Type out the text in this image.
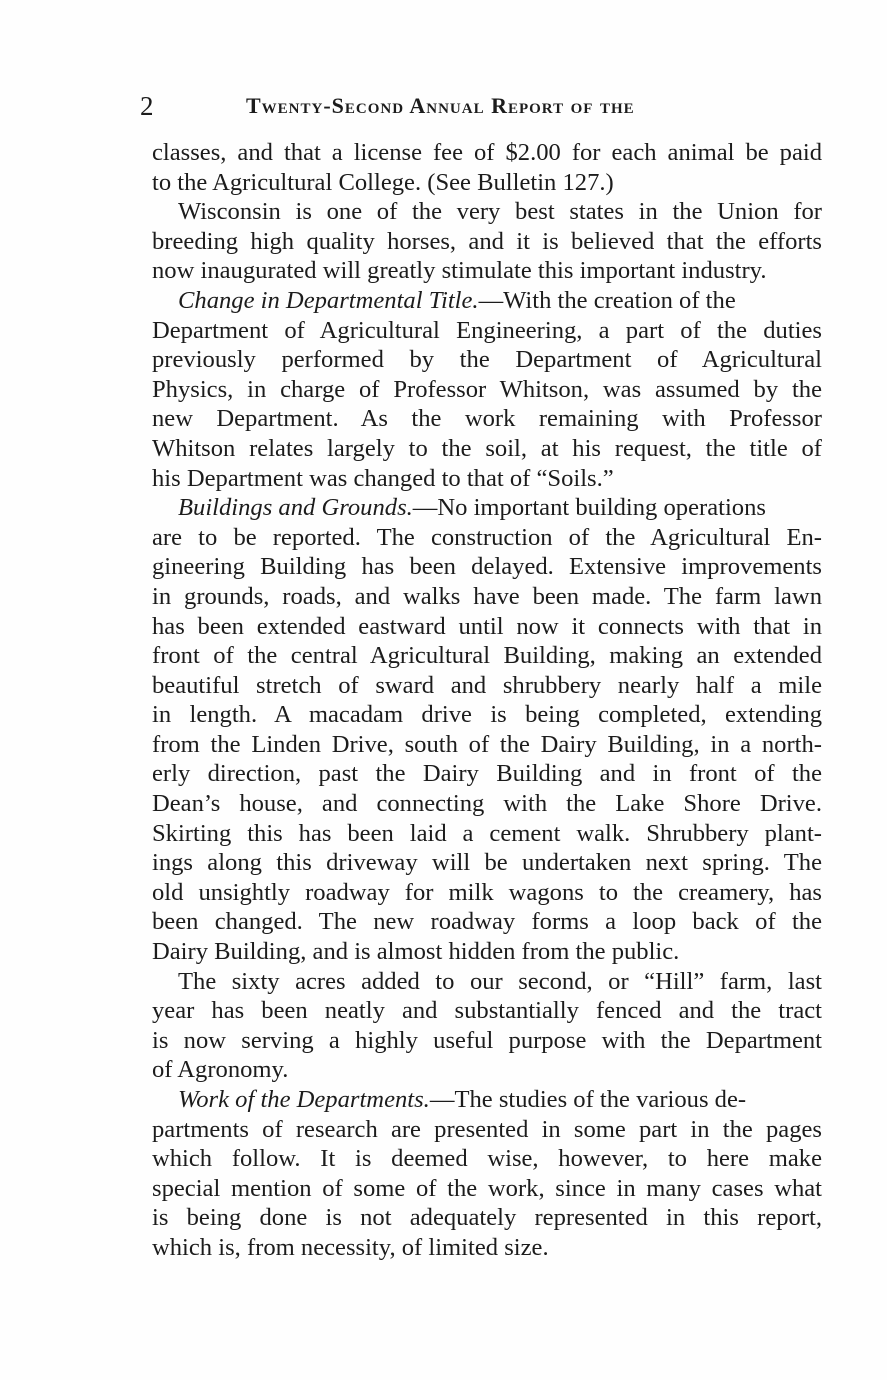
2	Twenty-Second Annual Report of the
classes, and that a license fee of $2.00 for each animal be paid
to the Agricultural College. (See Bulletin 127.)
Wisconsin is one of the very best states in the Union for
breeding high quality horses, and it is believed that the efforts
now inaugurated will greatly stimulate this important industry.
Change in Departmental Title.—With the creation of the
Department of Agricultural Engineering, a part of the duties
previously performed by the Department of Agricultural
Physics, in charge of Professor Whitson, was assumed by the
new Department. As the work remaining with Professor
Whitson relates largely to the soil, at his request, the title of
his Department was changed to that of “Soils.”
Buildings and Grounds.—No important building operations
are to be reported. The construction of the Agricultural En-
gineering Building has been delayed. Extensive improvements
in grounds, roads, and walks have been made. The farm lawn
has been extended eastward until now it connects with that in
front of the central Agricultural Building, making an extended
beautiful stretch of sward and shrubbery nearly half a mile
in length. A macadam drive is being completed, extending
from the Linden Drive, south of the Dairy Building, in a north-
erly direction, past the Dairy Building and in front of the
Dean’s house, and connecting with the Lake Shore Drive.
Skirting this has been laid a cement walk. Shrubbery plant-
ings along this driveway will be undertaken next spring. The
old unsightly roadway for milk wagons to the creamery, has
been changed. The new roadway forms a loop back of the
Dairy Building, and is almost hidden from the public.
The sixty acres added to our second, or “Hill” farm, last
year has been neatly and substantially fenced and the tract
is now serving a highly useful purpose with the Department
of Agronomy.
Work of the Departments.—The studies of the various de-
partments of research are presented in some part in the pages
which follow. It is deemed wise, however, to here make
special mention of some of the work, since in many cases what
is being done is not adequately represented in this report,
which is, from necessity, of limited size.
